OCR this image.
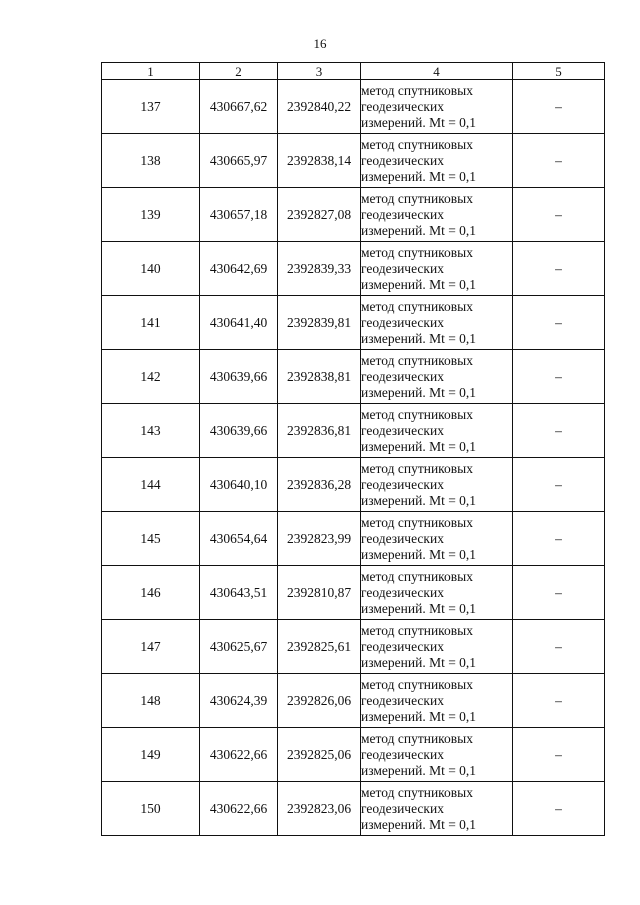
16
1	2	3	4	5
137	430667,62	2392840,22	метод спутниковых
геодезических
измерений. Mt = 0,1	–
138	430665,97	2392838,14	метод спутниковых
геодезических
измерений. Mt = 0,1	–
139	430657,18	2392827,08	метод спутниковых
геодезических
измерений. Mt = 0,1	–
140	430642,69	2392839,33	метод спутниковых
геодезических
измерений. Mt = 0,1	–
141	430641,40	2392839,81	метод спутниковых
геодезических
измерений. Mt = 0,1	–
142	430639,66	2392838,81	метод спутниковых
геодезических
измерений. Mt = 0,1	–
143	430639,66	2392836,81	метод спутниковых
геодезических
измерений. Mt = 0,1	–
144	430640,10	2392836,28	метод спутниковых
геодезических
измерений. Mt = 0,1	–
145	430654,64	2392823,99	метод спутниковых
геодезических
измерений. Mt = 0,1	–
146	430643,51	2392810,87	метод спутниковых
геодезических
измерений. Mt = 0,1	–
147	430625,67	2392825,61	метод спутниковых
геодезических
измерений. Mt = 0,1	–
148	430624,39	2392826,06	метод спутниковых
геодезических
измерений. Mt = 0,1	–
149	430622,66	2392825,06	метод спутниковых
геодезических
измерений. Mt = 0,1	–
150	430622,66	2392823,06	метод спутниковых
геодезических
измерений. Mt = 0,1	–
